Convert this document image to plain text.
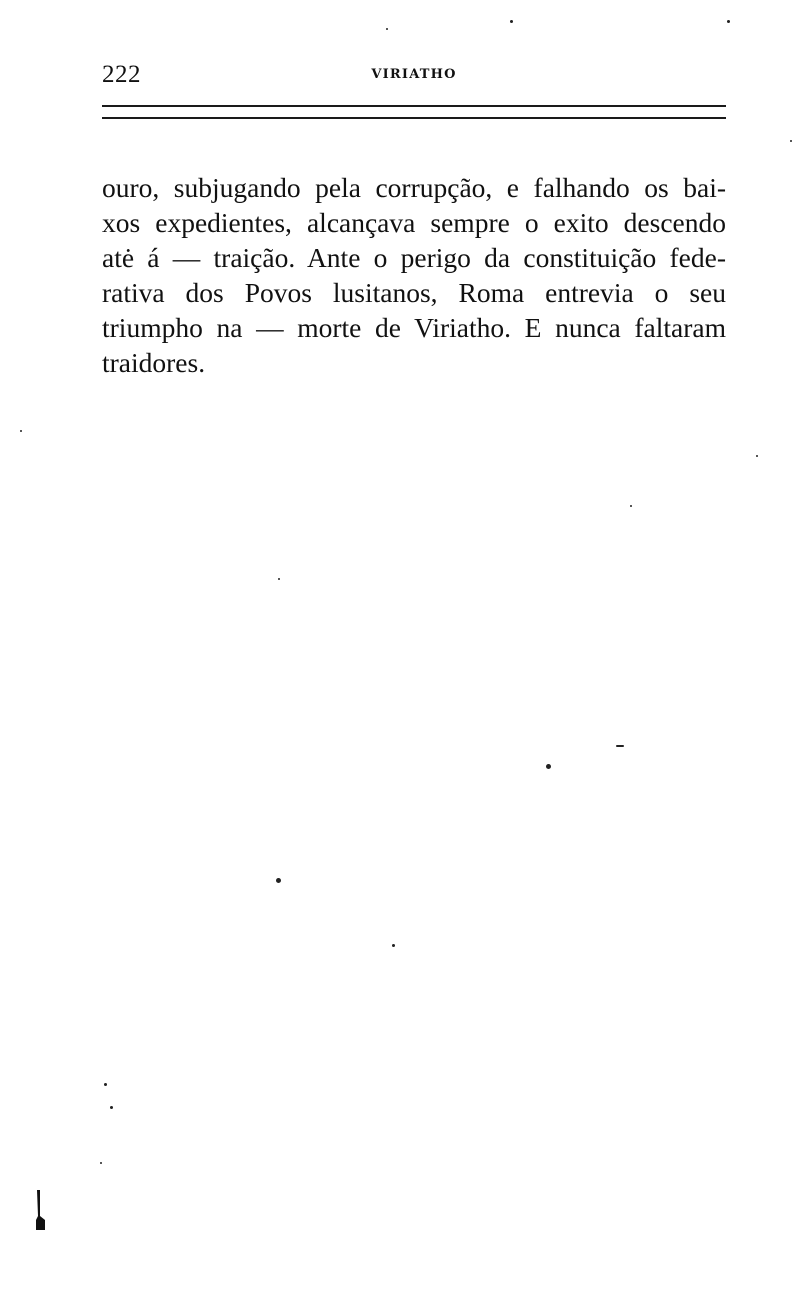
222	VIRIATHO
ouro, subjugando pela corrupção, e falhando os bai-
xos expedientes, alcançava sempre o exito descendo
atė á — traição. Ante o perigo da constituição fede-
rativa dos Povos lusitanos, Roma entrevia o seu
triumpho na — morte de Viriatho. E nunca faltaram
traidores.
